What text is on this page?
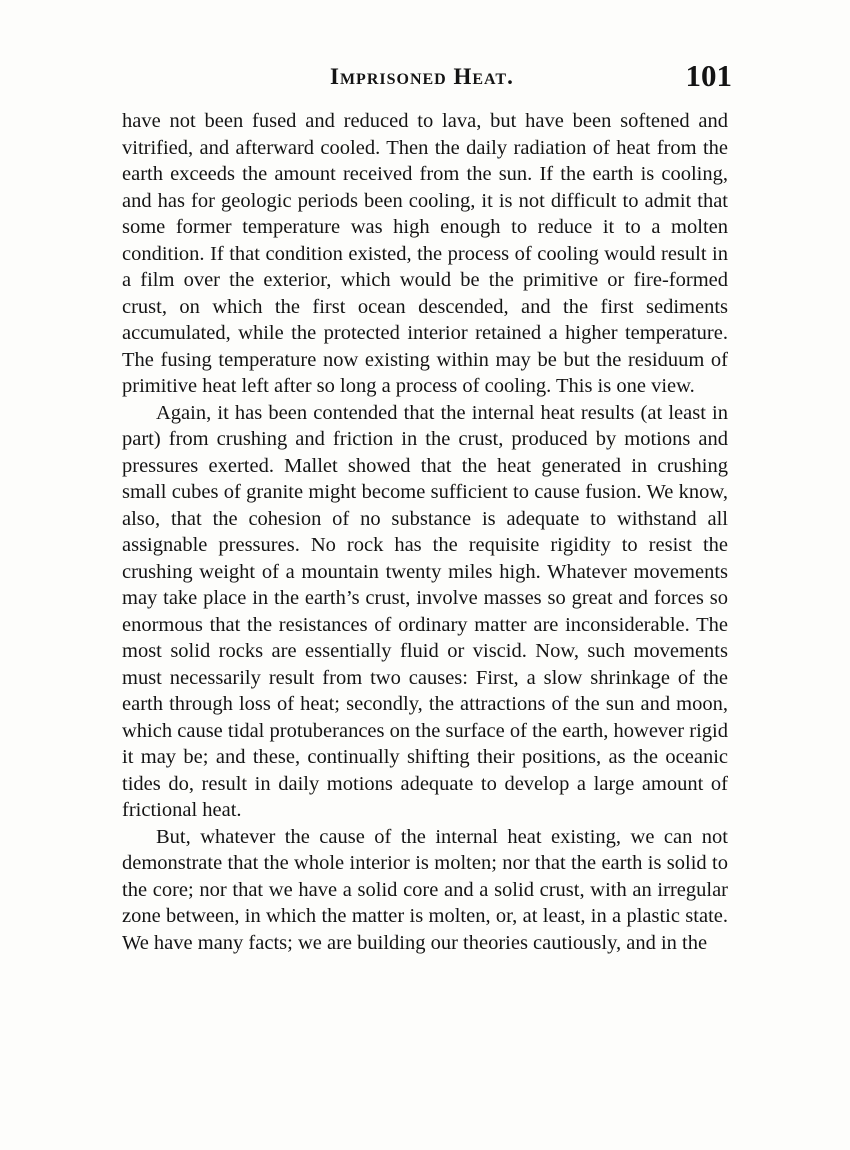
Imprisoned Heat.	101

have not been fused and reduced to lava, but have been softened and vitrified, and afterward cooled. Then the daily radiation of heat from the earth exceeds the amount received from the sun. If the earth is cooling, and has for geologic periods been cooling, it is not difficult to admit that some former temperature was high enough to reduce it to a molten condition. If that condition existed, the process of cooling would result in a film over the exterior, which would be the primitive or fire-formed crust, on which the first ocean descended, and the first sediments accumulated, while the protected interior retained a higher temperature. The fusing temperature now existing within may be but the residuum of primitive heat left after so long a process of cooling. This is one view.

Again, it has been contended that the internal heat results (at least in part) from crushing and friction in the crust, produced by motions and pressures exerted. Mallet showed that the heat generated in crushing small cubes of granite might become sufficient to cause fusion. We know, also, that the cohesion of no substance is adequate to withstand all assignable pressures. No rock has the requisite rigidity to resist the crushing weight of a mountain twenty miles high. Whatever movements may take place in the earth’s crust, involve masses so great and forces so enormous that the resistances of ordinary matter are inconsiderable. The most solid rocks are essentially fluid or viscid. Now, such movements must necessarily result from two causes: First, a slow shrinkage of the earth through loss of heat; secondly, the attractions of the sun and moon, which cause tidal protuberances on the surface of the earth, however rigid it may be; and these, continually shifting their positions, as the oceanic tides do, result in daily motions adequate to develop a large amount of frictional heat.

But, whatever the cause of the internal heat existing, we can not demonstrate that the whole interior is molten; nor that the earth is solid to the core; nor that we have a solid core and a solid crust, with an irregular zone between, in which the matter is molten, or, at least, in a plastic state. We have many facts; we are building our theories cautiously, and in the
